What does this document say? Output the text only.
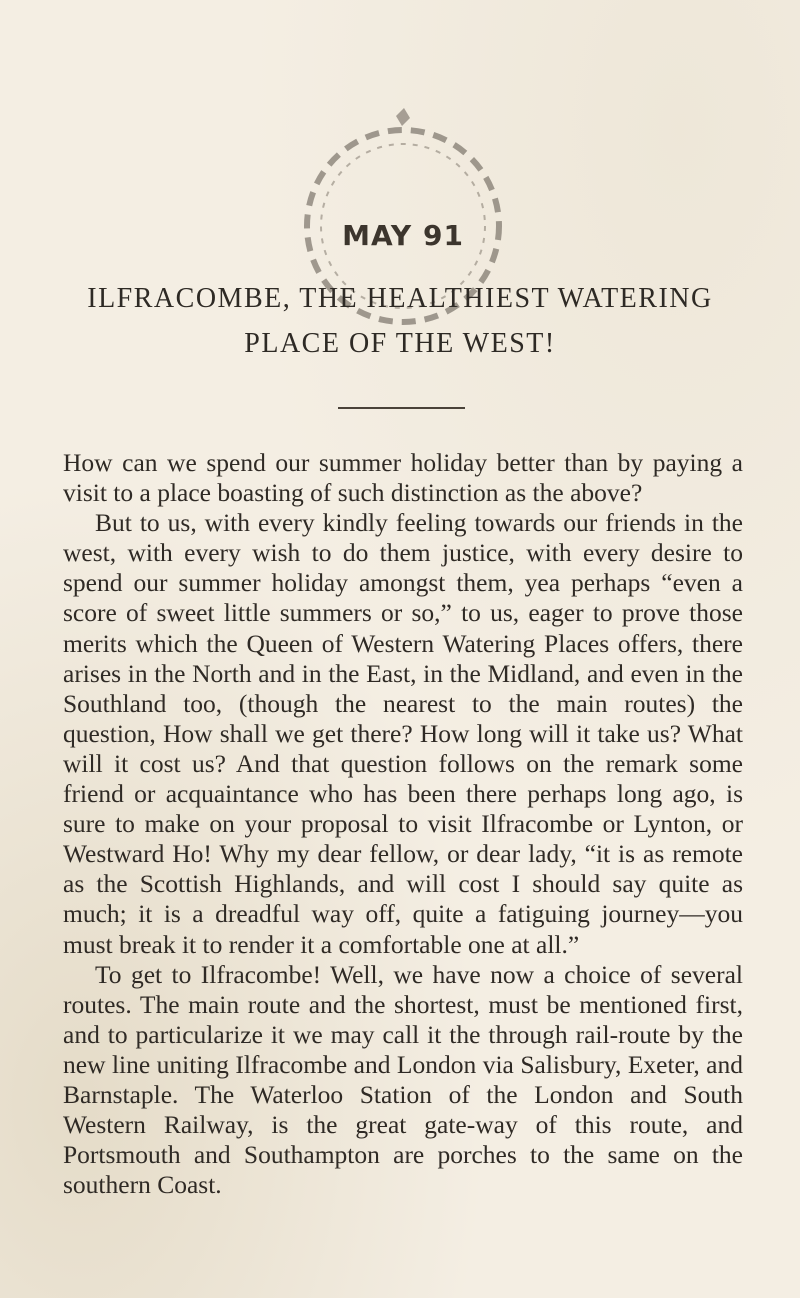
MAY 91
ILFRACOMBE, THE HEALTHIEST WATERING
PLACE OF THE WEST!

How can we spend our summer holiday better than by paying a visit to a place boasting of such distinction as the above?

But to us, with every kindly feeling towards our friends in the west, with every wish to do them justice, with every desire to spend our summer holiday amongst them, yea perhaps “even a score of sweet little summers or so,” to us, eager to prove those merits which the Queen of Western Watering Places offers, there arises in the North and in the East, in the Midland, and even in the Southland too, (though the nearest to the main routes) the question, How shall we get there? How long will it take us? What will it cost us? And that question follows on the remark some friend or acquaintance who has been there perhaps long ago, is sure to make on your proposal to visit Ilfracombe or Lynton, or Westward Ho! Why my dear fellow, or dear lady, “it is as remote as the Scottish Highlands, and will cost I should say quite as much; it is a dreadful way off, quite a fatiguing journey—you must break it to render it a comfortable one at all.”

To get to Ilfracombe! Well, we have now a choice of several routes. The main route and the shortest, must be mentioned first, and to particularize it we may call it the through rail-route by the new line uniting Ilfracombe and London via Salisbury, Exeter, and Barnstaple. The Waterloo Station of the London and South Western Railway, is the great gate-way of this route, and Portsmouth and Southampton are porches to the same on the southern Coast.
